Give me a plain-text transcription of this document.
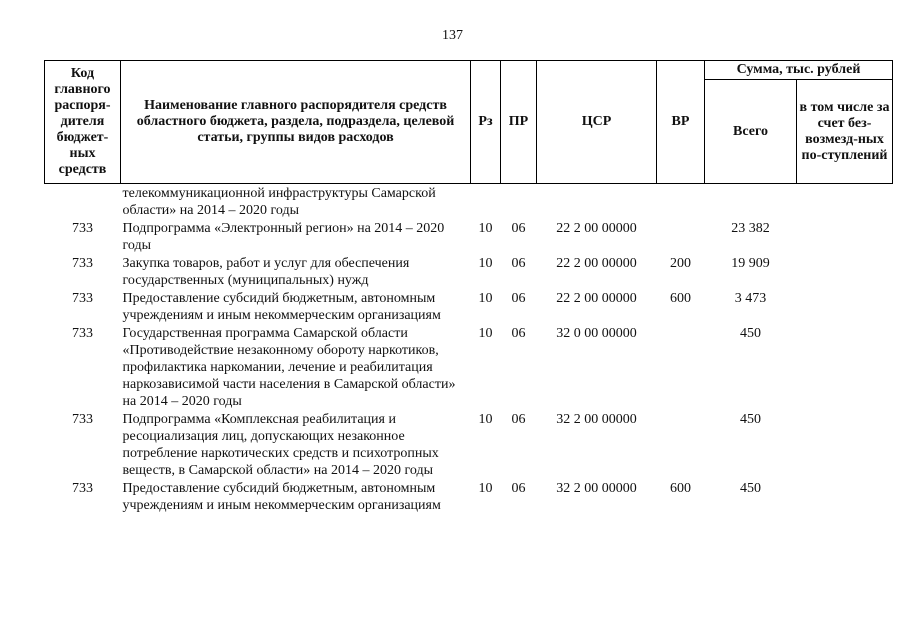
137
Код главного распоря-дителя бюджет-ных средств	Наименование главного распорядителя средств областного бюджета, раздела, подраздела, целевой статьи, группы видов расходов	Рз	ПР	ЦСР	ВР	Сумма, тыс. рублей	
						Всего	в том числе за счет без-возмезд-ных по-ступлений
	телекоммуникационной инфраструктуры Самарской области» на 2014 – 2020 годы						
733	Подпрограмма «Электронный регион» на 2014 – 2020 годы	10	06	22 2 00 00000		23 382	
733	Закупка товаров, работ и услуг для обеспечения государственных (муниципальных) нужд	10	06	22 2 00 00000	200	19 909	
733	Предоставление субсидий бюджетным, автономным учреждениям и иным некоммерческим организациям	10	06	22 2 00 00000	600	3 473	
733	Государственная программа Самарской области «Противодействие незаконному обороту наркотиков, профилактика наркомании, лечение и реабилитация наркозависимой части населения в Самарской области» на 2014 – 2020 годы	10	06	32 0 00 00000		450	
733	Подпрограмма «Комплексная реабилитация и ресоциализация лиц, допускающих незаконное потребление наркотических средств и психотропных веществ, в Самарской области» на 2014 – 2020 годы	10	06	32 2 00 00000		450	
733	Предоставление субсидий бюджетным, автономным учреждениям и иным некоммерческим организациям	10	06	32 2 00 00000	600	450	
